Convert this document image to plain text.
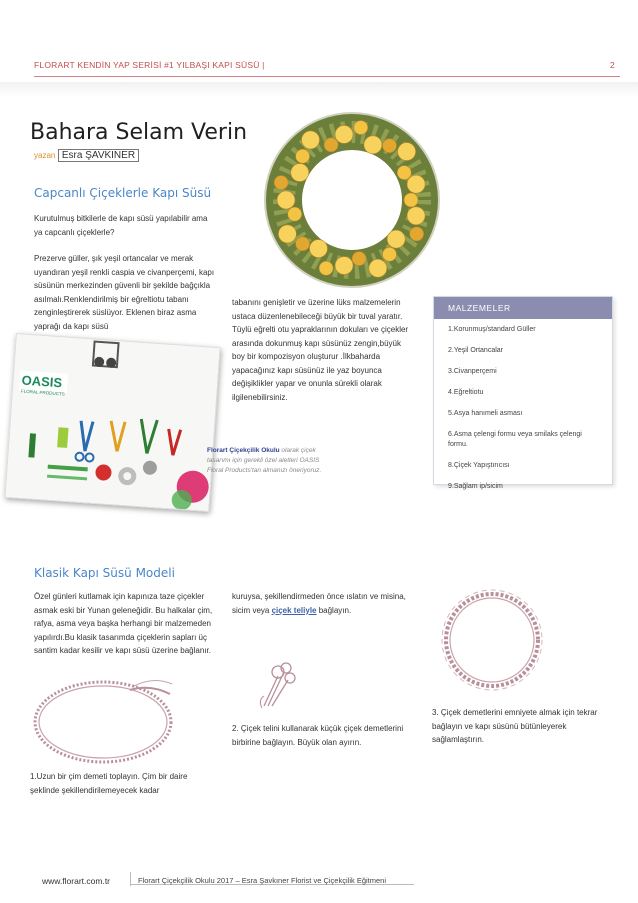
FLORART KENDİN YAP SERİSİ #1 YILBAŞI KAPI SÜSÜ |	2
Bahara Selam Verin
yazan Esra ŞAVKINER
Capcanlı Çiçeklerle Kapı Süsü
Kurutulmuş bitkilerle de kapı süsü yapılabilir ama ya capcanlı çiçeklerle?
Prezerve güller, şık yeşil ortancalar ve merak uyandıran yeşil renkli caspia ve civanperçemi, kapı süsünün merkezinden güvenli bir şekilde bağçıkla asılmalı.Renklendirilmiş bir eğreltiotu tabanı zenginleştirerek süslüyor. Eklenen biraz asma yaprağı da kapı süsü
tabanını genişletir ve üzerine lüks malzemelerin ustaca düzenlenebileceği büyük bir tuval yaratır. Tüylü eğrelti otu yapraklarının dokuları ve çiçekler arasında dokunmuş kapı süsünüz zengin,büyük boy bir kompozisyon oluşturur .İlkbaharda yapacağınız kapı süsünüz ile yaz boyunca değişiklikler yapar ve onunla sürekli olarak ilgilenebilirsiniz.
OASIS
FLORAL PRODUCTS
Florart Çiçekçilik Okulu olarak çiçek tasarımı için gerekli özel aletleri OASIS Floral Products'tan almanızı öneriyoruz.
MALZEMELER
1.Korunmuş/standard Güller
2.Yeşil Ortancalar
3.Civanperçemi
4.Eğreltiotu
5.Asya hanımeli asması
6.Asma çelengi formu veya smilaks çelengi formu.
8.Çiçek Yapıştırıcısı
9.Sağlam ip/sicim
Klasik Kapı Süsü Modeli
Özel günleri kutlamak için kapınıza taze çiçekler asmak eski bir Yunan geleneğidir. Bu halkalar çim, rafya, asma veya başka herhangi bir malzemeden yapılırdı.Bu klasik tasarımda çiçeklerin sapları üç santim kadar kesilir ve kapı süsü üzerine bağlanır.
kuruysa, şekillendirmeden önce ıslatın ve misina, sicim veya çiçek teliyle bağlayın.
2. Çiçek telini kullanarak küçük çiçek demetlerini birbirine bağlayın. Büyük olan ayırın.
3. Çiçek demetlerini emniyete almak için tekrar bağlayın ve kapı süsünü bütünleyerek sağlamlaştırın.
1.Uzun bir çim demeti toplayın. Çim bir daire şeklinde şekillendirilemeyecek kadar
www.florart.com.tr	Florart Çiçekçilik Okulu 2017 – Esra Şavkıner Florist ve Çiçekçilik Eğitmeni
